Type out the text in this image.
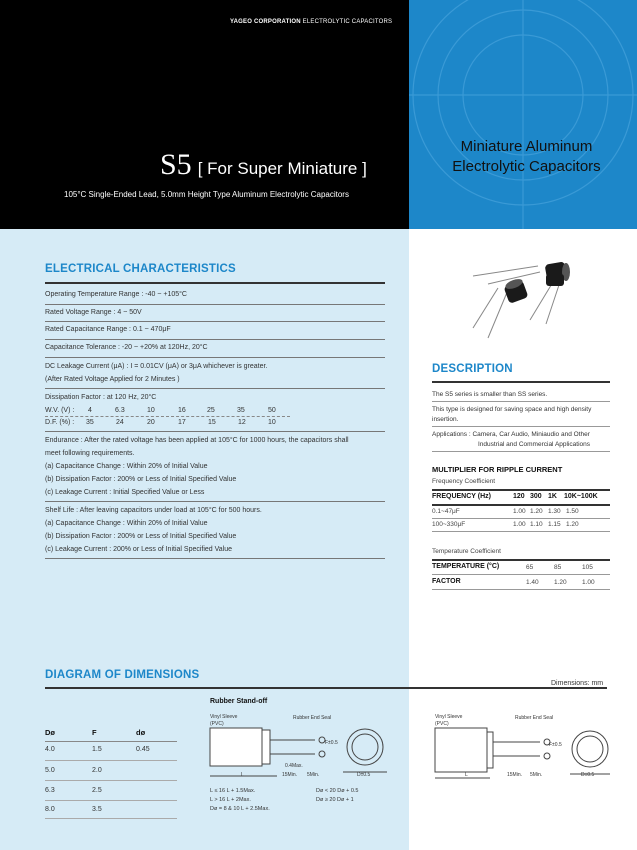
Miniature Aluminum
Electrolytic Capacitors
YAGEO CORPORATION ELECTROLYTIC CAPACITORS
S5 [ For Super Miniature ]
105°C Single-Ended Lead, 5.0mm Height Type Aluminum Electrolytic Capacitors
ELECTRICAL CHARACTERISTICS
Operating Temperature Range : -40 ~ +105°C
Rated Voltage Range : 4 ~ 50V
Rated Capacitance Range : 0.1 ~ 470μF
Capacitance Tolerance : -20 ~ +20% at 120Hz, 20°C
DC Leakage Current (μA) : I = 0.01CV (μA) or 3μA whichever is greater.
(After Rated Voltage Applied for 2 Minutes )
Dissipation Factor : at 120 Hz, 20°C
W.V. (V) : 4	6.3	10	16	25	35	50
D.F. (%) : 35	24	20	17	15	12	10
Endurance : After the rated voltage has been applied at 105°C for 1000 hours, the capacitors shall
meet following requirements.
(a) Capacitance Change : Within 20% of Initial Value
(b) Dissipation Factor : 200% or Less of Initial Specified Value
(c) Leakage Current : Initial Specified Value or Less
Shelf Life : After leaving capacitors under load at 105°C for 500 hours.
(a) Capacitance Change : Within 20% of Initial Value
(b) Dissipation Factor : 200% or Less of Initial Specified Value
(c) Leakage Current : 200% or Less of Initial Specified Value
DESCRIPTION
The S5 series is smaller than SS series.
This type is designed for saving space and high density
insertion.
Applications : Camera, Car Audio, Miniaudio and Other
Industrial and Commercial Applications
MULTIPLIER FOR RIPPLE CURRENT
Frequency Coefficient
FREQUENCY (Hz)	120 300 1K 10K~100K
0.1~47μF	1.00 1.20 1.30 1.50
100~330μF	1.00 1.10 1.15 1.20
Temperature Coefficient
TEMPERATURE (°C)	65	85	105
FACTOR	1.40 1.20 1.00
DIAGRAM OF DIMENSIONS
Dimensions: mm
Rubber Stand-off
Dø	F	dø
4.0	1.5	0.45
5.0	2.0
6.3	2.5
8.0	3.5
Vinyl Sleeve
(PVC)
Rubber End Seal
0.4Max.
15Min. 5Min.
L	D±0.5
F±0.5
L ≤ 16 L + 1.5Max.
L > 16 L + 2Max.
Dø = 8 & 10 L + 2.5Max.
Dø < 20 Dø + 0.5
Dø ≥ 20 Dø + 1
Vinyl Sleeve
(PVC)
Rubber End Seal
15Min. 5Min.
L	D±0.5
F±0.5
